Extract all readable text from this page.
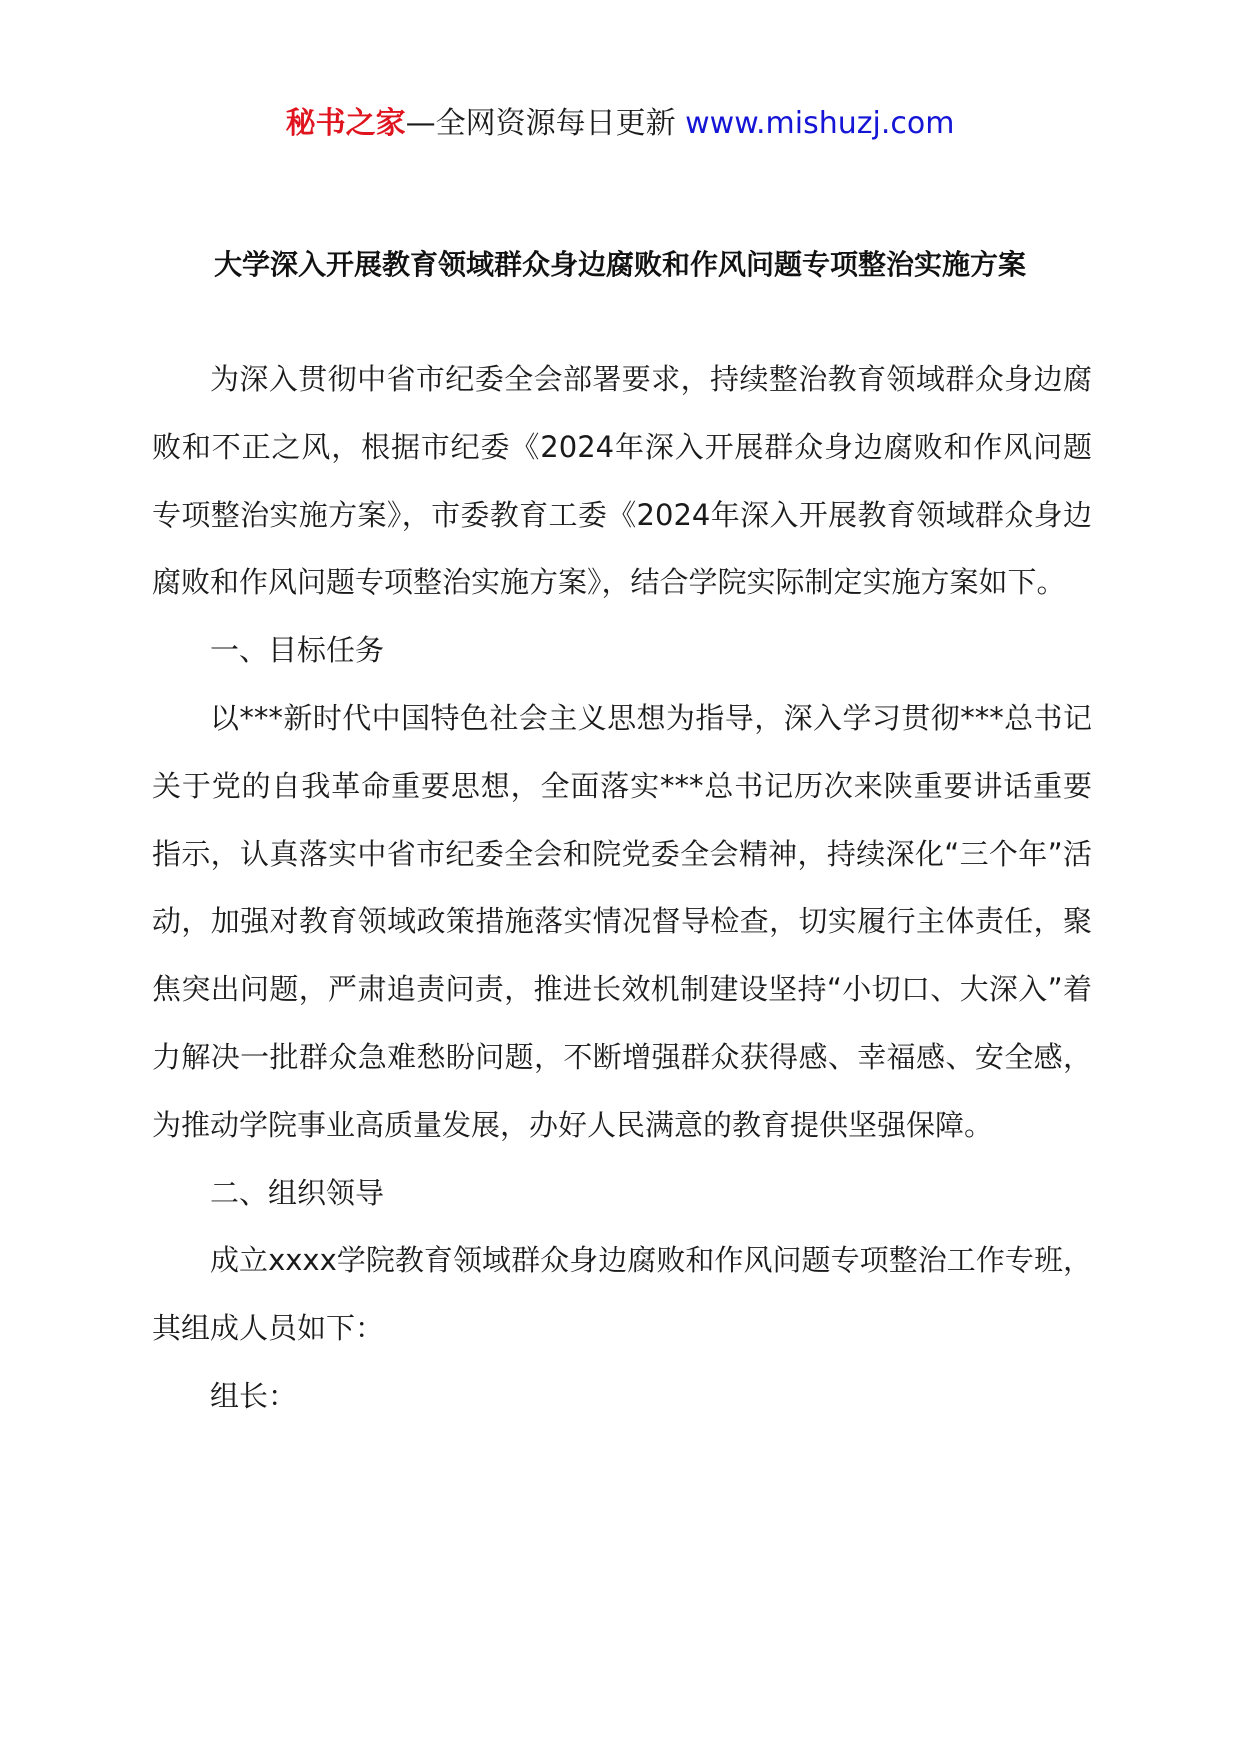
秘书之家—全网资源每日更新 www.mishuzj.com
大学深入开展教育领域群众身边腐败和作风问题专项整治实施方案

为深入贯彻中省市纪委全会部署要求，持续整治教育领域群众身边腐败和不正之风，根据市纪委《2024年深入开展群众身边腐败和作风问题专项整治实施方案》，市委教育工委《2024年深入开展教育领域群众身边腐败和作风问题专项整治实施方案》，结合学院实际制定实施方案如下。

一、目标任务

以***新时代中国特色社会主义思想为指导，深入学习贯彻***总书记关于党的自我革命重要思想，全面落实***总书记历次来陕重要讲话重要指示，认真落实中省市纪委全会和院党委全会精神，持续深化“三个年”活动，加强对教育领域政策措施落实情况督导检查，切实履行主体责任，聚焦突出问题，严肃追责问责，推进长效机制建设坚持“小切口、大深入”着力解决一批群众急难愁盼问题，不断增强群众获得感、幸福感、安全感，为推动学院事业高质量发展，办好人民满意的教育提供坚强保障。

二、组织领导

成立xxxx学院教育领域群众身边腐败和作风问题专项整治工作专班，其组成人员如下：

组长：
